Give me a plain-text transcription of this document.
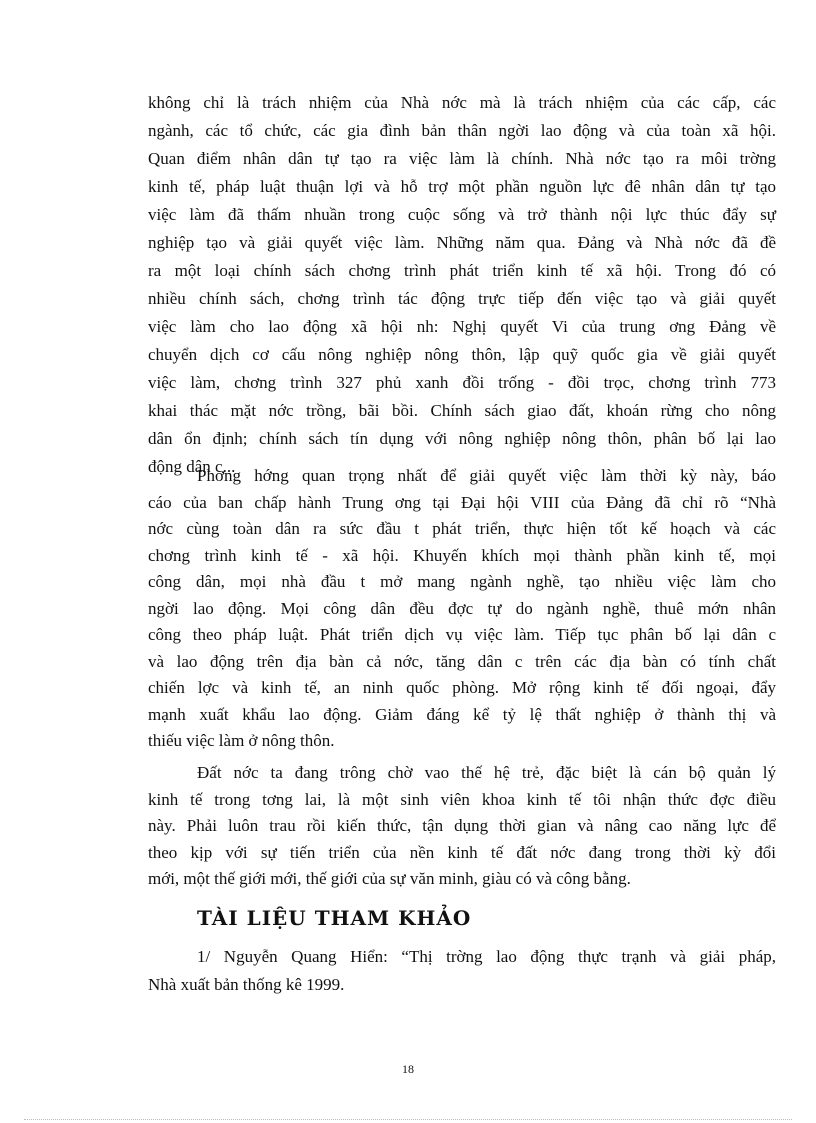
không chỉ là trách nhiệm của Nhà nớc mà là trách nhiệm của các cấp, các
ngành, các tổ chức, các gia đình bản thân ngời lao động và của toàn xã hội.
Quan điểm nhân dân tự tạo ra việc làm là chính. Nhà nớc tạo ra môi trờng
kinh tế, pháp luật thuận lợi và hỗ trợ một phần nguồn lực đê nhân dân tự tạo
việc làm đã thấm nhuần trong cuộc sống và trở thành nội lực thúc đẩy sự
nghiệp tạo và giải quyết việc làm. Những năm qua. Đảng và Nhà nớc đã đề
ra một loại chính sách chơng trình phát triển kinh tế xã hội. Trong đó có
nhiều chính sách, chơng trình tác động trực tiếp đến việc tạo và giải quyết
việc làm cho lao động xã hội nh: Nghị quyết Vi của trung ơng Đảng về
chuyển dịch cơ cấu nông nghiệp nông thôn, lập quỹ quốc gia về giải quyết
việc làm, chơng trình 327 phủ xanh đồi trống - đồi trọc, chơng trình 773
khai thác mặt nớc trồng, bãi bồi. Chính sách giao đất, khoán rừng cho nông
dân ổn định; chính sách tín dụng với nông nghiệp nông thôn, phân bố lại lao
động dân c...
Phơng hớng quan trọng nhất để giải quyết việc làm thời kỳ này, báo
cáo của ban chấp hành Trung ơng tại Đại hội VIII của Đảng đã chỉ rõ “Nhà
nớc cùng toàn dân ra sức đầu t phát triển, thực hiện tốt kế hoạch và các
chơng trình kinh tế - xã hội. Khuyến khích mọi thành phần kinh tế, mọi
công dân, mọi nhà đầu t mở mang ngành nghề, tạo nhiều việc làm cho
ngời lao động. Mọi công dân đều đợc tự do ngành nghề, thuê mớn nhân
công theo pháp luật. Phát triển dịch vụ việc làm. Tiếp tục phân bố lại dân c
và lao động trên địa bàn cả nớc, tăng dân c trên các địa bàn có tính chất
chiến lợc và kinh tế, an ninh quốc phòng. Mở rộng kinh tế đối ngoại, đẩy
mạnh xuất khẩu lao động. Giảm đáng kể tỷ lệ thất nghiệp ở thành thị và
thiếu việc làm ở nông thôn.
Đất nớc ta đang trông chờ vao thế hệ trẻ, đặc biệt là cán bộ quản lý
kinh tế trong tơng lai, là một sinh viên khoa kinh tế tôi nhận thức đợc điều
này. Phải luôn trau rồi kiến thức, tận dụng thời gian và nâng cao năng lực để
theo kịp với sự tiến triển của nền kinh tế đất nớc đang trong thời kỳ đổi
mới, một thế giới mới, thế giới của sự văn minh, giàu có và công bằng.
TÀI LIỆU THAM KHẢO
1/ Nguyễn Quang Hiển: “Thị trờng lao động thực trạnh và giải pháp,
Nhà xuất bản thống kê 1999.
18
